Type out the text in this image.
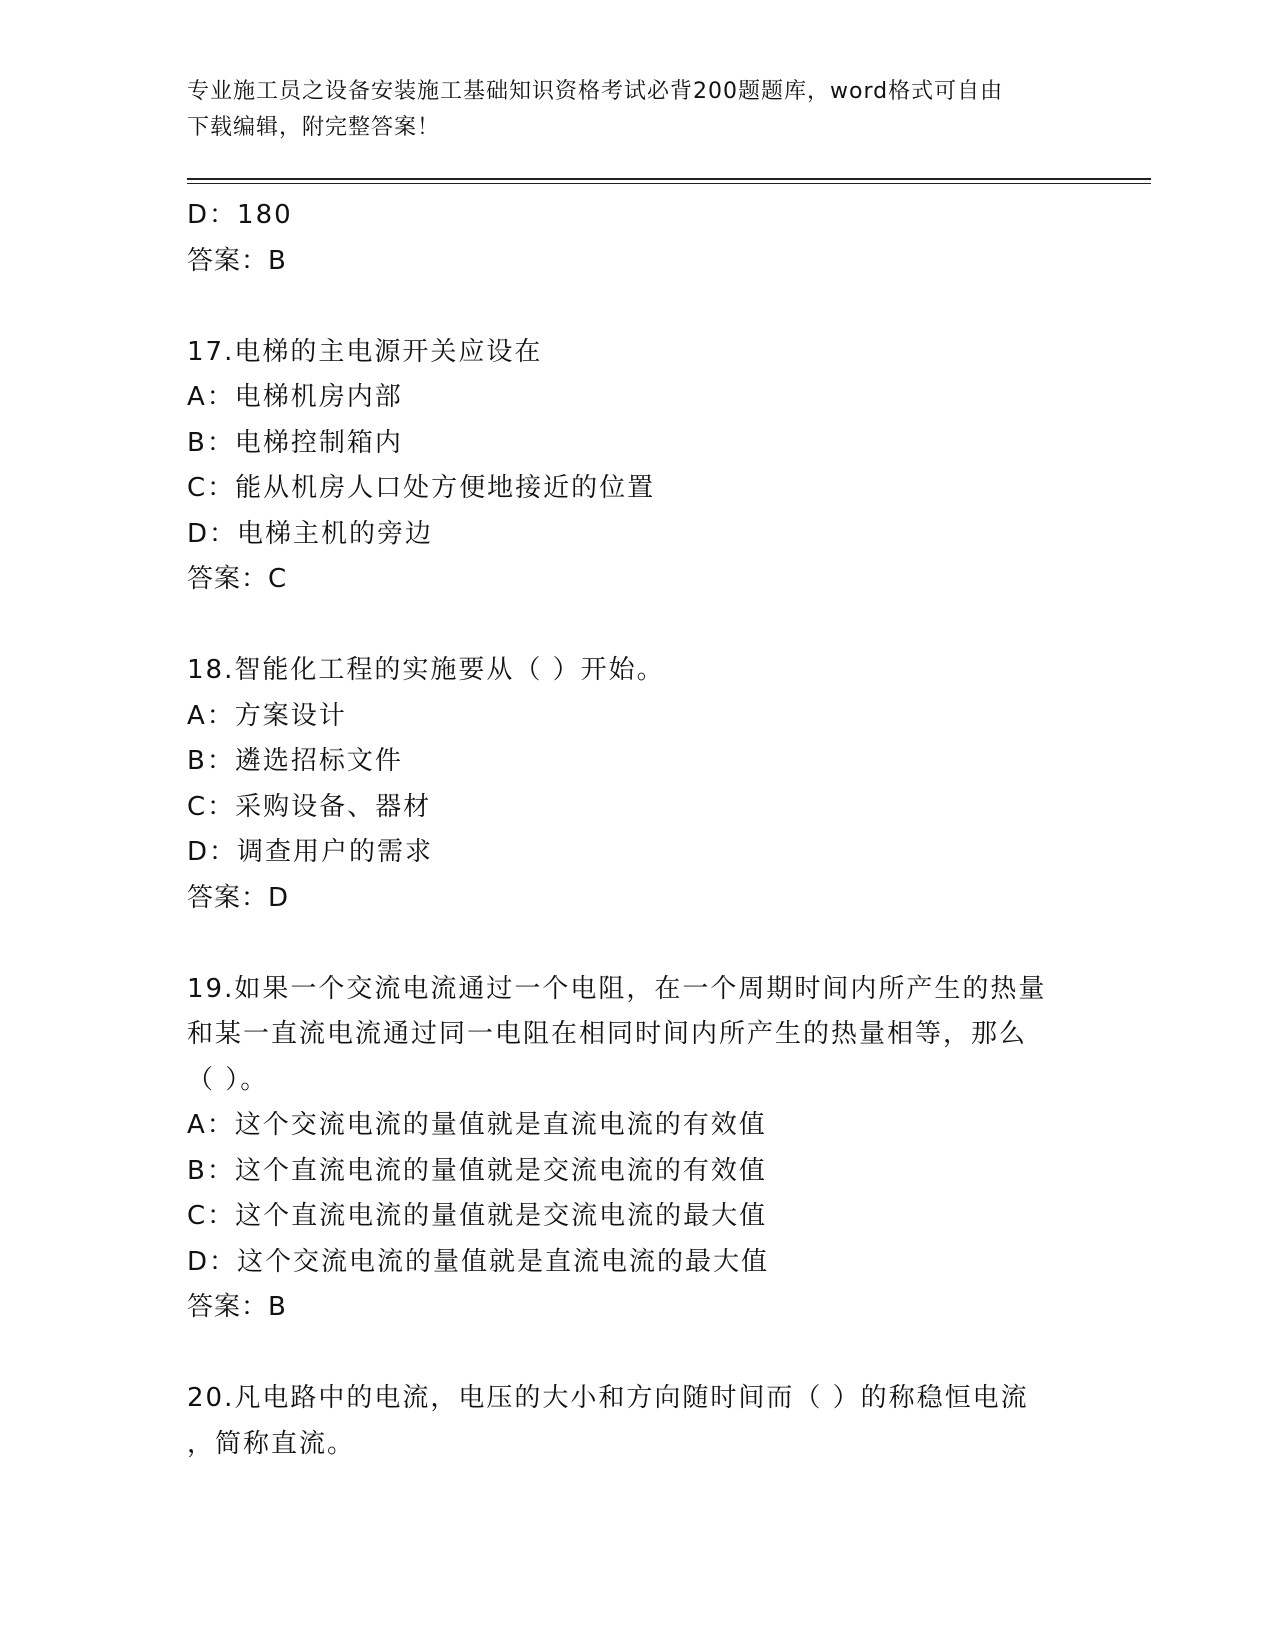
专业施工员之设备安装施工基础知识资格考试必背200题题库，word格式可自由
下载编辑，附完整答案！
D：180
答案：B
17.电梯的主电源开关应设在
A：电梯机房内部
B：电梯控制箱内
C：能从机房人口处方便地接近的位置
D：电梯主机的旁边
答案：C
18.智能化工程的实施要从（ ）开始。
A：方案设计
B：遴选招标文件
C：采购设备、器材
D：调查用户的需求
答案：D
19.如果一个交流电流通过一个电阻，在一个周期时间内所产生的热量
和某一直流电流通过同一电阻在相同时间内所产生的热量相等，那么
（ ）。
A：这个交流电流的量值就是直流电流的有效值
B：这个直流电流的量值就是交流电流的有效值
C：这个直流电流的量值就是交流电流的最大值
D：这个交流电流的量值就是直流电流的最大值
答案：B
20.凡电路中的电流，电压的大小和方向随时间而（ ）的称稳恒电流
，简称直流。
